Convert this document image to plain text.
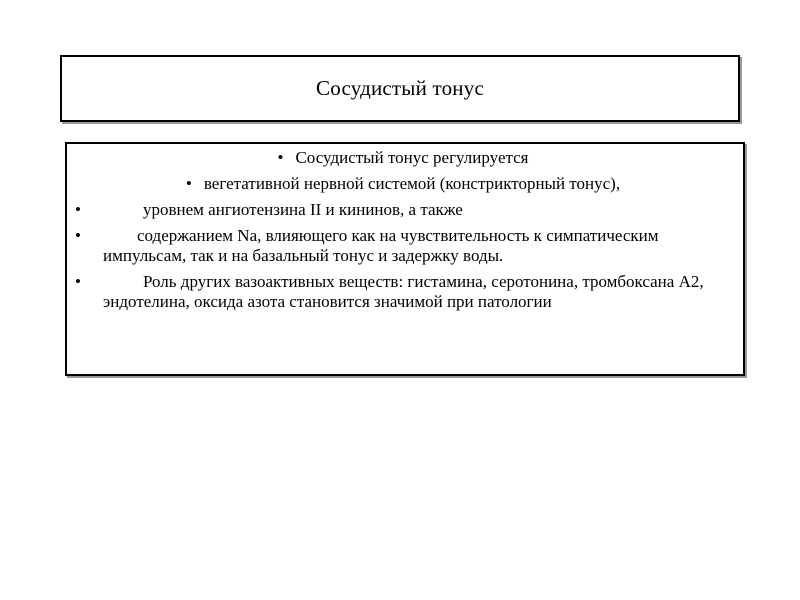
Сосудистый тонус
• Сосудистый тонус регулируется
• вегетативной нервной системой (констрикторный тонус),
•	уровнем ангиотензина II и кининов, а также
•	содержанием Na, влияющего как на чувствительность к симпатическим импульсам, так и на базальный тонус и задержку воды.
•	Роль других вазоактивных веществ: гистамина, серотонина, тромбоксана А2, эндотелина, оксида азота становится значимой при патологии
